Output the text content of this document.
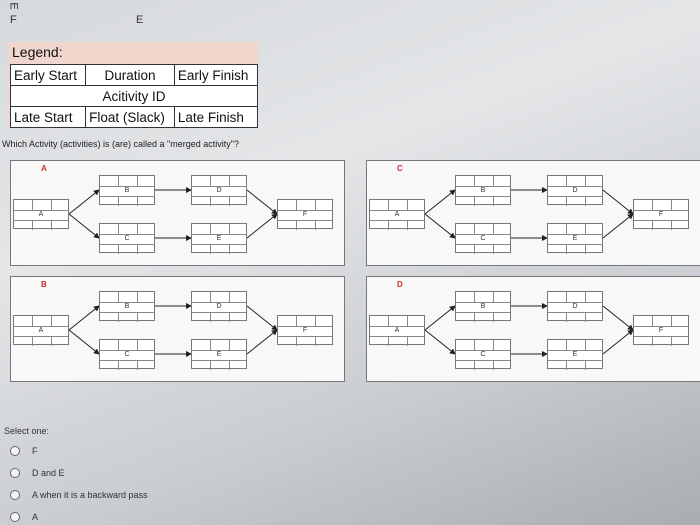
E
F	E
Legend:
Early Start	Duration	Early Finish
Acitivity ID		
Late Start	Float (Slack)	Late Finish
Which Activity (activities) is (are) called a "merged activity"?
A
A
B
C
D
E
F
C
A
B
C
D
E
F
B
A
B
C
D
E
F
D
A
B
C
D
E
F
Select one:
F
D and E
A when it is a backward pass
A
